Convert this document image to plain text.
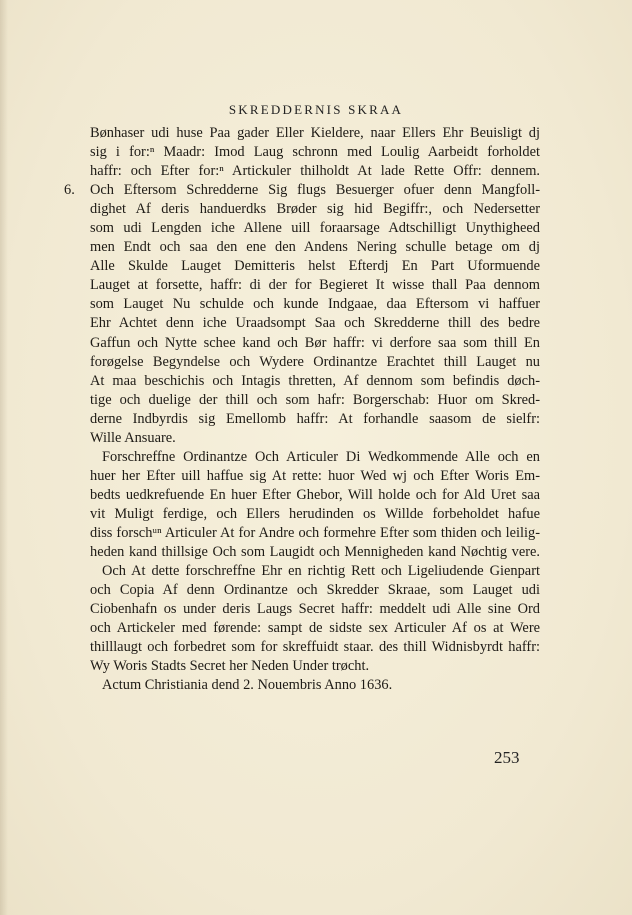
SKREDDERNIS SKRAA
Bønhaser udi huse Paa gader Eller Kieldere, naar Ellers Ehr Beuisligt dj
sig i for:ⁿ Maadr: Imod Laug schronn med Loulig Aarbeidt forholdet
haffr: och Efter for:ⁿ Artickuler thilholdt At lade Rette Offr: dennem.
6. Och Eftersom Schredderne Sig flugs Besuerger ofuer denn Mangfoll-
dighet Af deris handuerdks Brøder sig hid Begiffr:, och Nedersetter
som udi Lengden iche Allene uill foraarsage Adtschilligt Unythigheed
men Endt och saa den ene den Andens Nering schulle betage om dj
Alle Skulde Lauget Demitteris helst Efterdj En Part Uformuende
Lauget at forsette, haffr: di der for Begieret It wisse thall Paa dennom
som Lauget Nu schulde och kunde Indgaae, daa Eftersom vi haffuer
Ehr Achtet denn iche Uraadsompt Saa och Skredderne thill des bedre
Gaffun och Nytte schee kand och Bør haffr: vi derfore saa som thill En
forøgelse Begyndelse och Wydere Ordinantze Erachtet thill Lauget nu
At maa beschichis och Intagis thretten, Af dennom som befindis døch-
tige och duelige der thill och som hafr: Borgerschab: Huor om Skred-
derne Indbyrdis sig Emellomb haffr: At forhandle saasom de sielfr:
Wille Ansuare.
Forschreffne Ordinantze Och Articuler Di Wedkommende Alle och en
huer her Efter uill haffue sig At rette: huor Wed wj och Efter Woris Em-
bedts uedkrefuende En huer Efter Ghebor, Will holde och for Ald Uret saa
vit Muligt ferdige, och Ellers herudinden os Willde forbeholdet hafue
diss forschᵘⁿ Articuler At for Andre och formehre Efter som thiden och leilig-
heden kand thillsige Och som Laugidt och Mennigheden kand Nøchtig vere.
Och At dette forschreffne Ehr en richtig Rett och Ligeliudende Gienpart
och Copia Af denn Ordinantze och Skredder Skraae, som Lauget udi
Ciobenhafn os under deris Laugs Secret haffr: meddelt udi Alle sine Ord
och Artickeler med førende: sampt de sidste sex Articuler Af os at Were
thilllaugt och forbedret som for skreffuidt staar. des thill Widnisbyrdt haffr:
Wy Woris Stadts Secret her Neden Under trøcht.
Actum Christiania dend 2. Nouembris Anno 1636.
253
